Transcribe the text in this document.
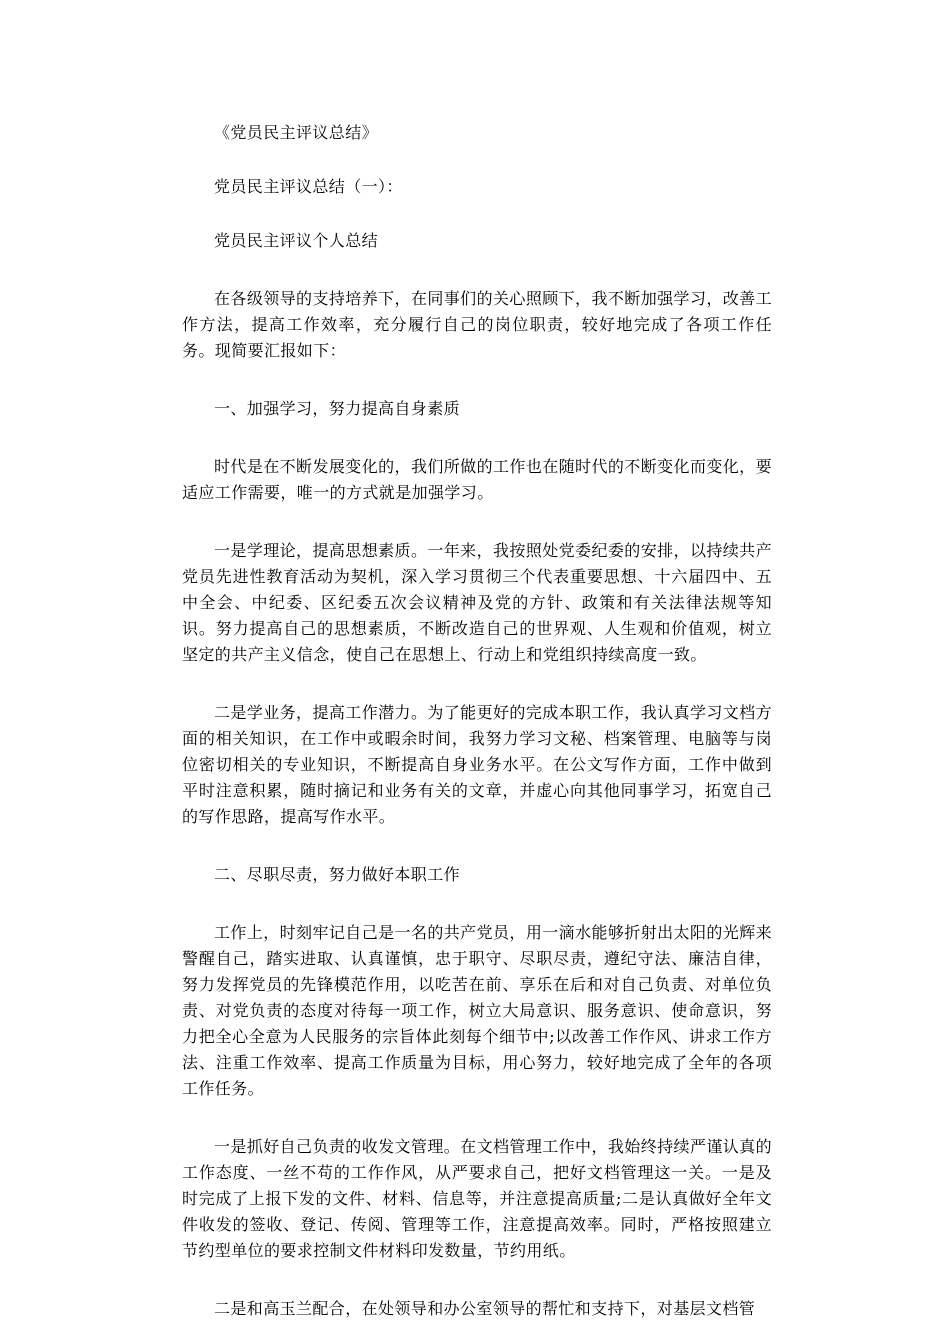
《党员民主评议总结》

党员民主评议总结（一）：

党员民主评议个人总结

在各级领导的支持培养下，在同事们的关心照顾下，我不断加强学习，改善工作方法，提高工作效率，充分履行自己的岗位职责，较好地完成了各项工作任务。现简要汇报如下：

一、加强学习，努力提高自身素质

时代是在不断发展变化的，我们所做的工作也在随时代的不断变化而变化，要适应工作需要，唯一的方式就是加强学习。

一是学理论，提高思想素质。一年来，我按照处党委纪委的安排，以持续共产党员先进性教育活动为契机，深入学习贯彻三个代表重要思想、十六届四中、五中全会、中纪委、区纪委五次会议精神及党的方针、政策和有关法律法规等知识。努力提高自己的思想素质，不断改造自己的世界观、人生观和价值观，树立坚定的共产主义信念，使自己在思想上、行动上和党组织持续高度一致。

二是学业务，提高工作潜力。为了能更好的完成本职工作，我认真学习文档方面的相关知识，在工作中或暇余时间，我努力学习文秘、档案管理、电脑等与岗位密切相关的专业知识，不断提高自身业务水平。在公文写作方面，工作中做到平时注意积累，随时摘记和业务有关的文章，并虚心向其他同事学习，拓宽自己的写作思路，提高写作水平。

二、尽职尽责，努力做好本职工作

工作上，时刻牢记自己是一名的共产党员，用一滴水能够折射出太阳的光辉来警醒自己，踏实进取、认真谨慎，忠于职守、尽职尽责，遵纪守法、廉洁自律，努力发挥党员的先锋模范作用，以吃苦在前、享乐在后和对自己负责、对单位负责、对党负责的态度对待每一项工作，树立大局意识、服务意识、使命意识，努力把全心全意为人民服务的宗旨体此刻每个细节中;以改善工作作风、讲求工作方法、注重工作效率、提高工作质量为目标，用心努力，较好地完成了全年的各项工作任务。

一是抓好自己负责的收发文管理。在文档管理工作中，我始终持续严谨认真的工作态度、一丝不苟的工作作风，从严要求自己，把好文档管理这一关。一是及时完成了上报下发的文件、材料、信息等，并注意提高质量;二是认真做好全年文件收发的签收、登记、传阅、管理等工作，注意提高效率。同时，严格按照建立节约型单位的要求控制文件材料印发数量，节约用纸。

二是和高玉兰配合，在处领导和办公室领导的帮忙和支持下，对基层文档管
